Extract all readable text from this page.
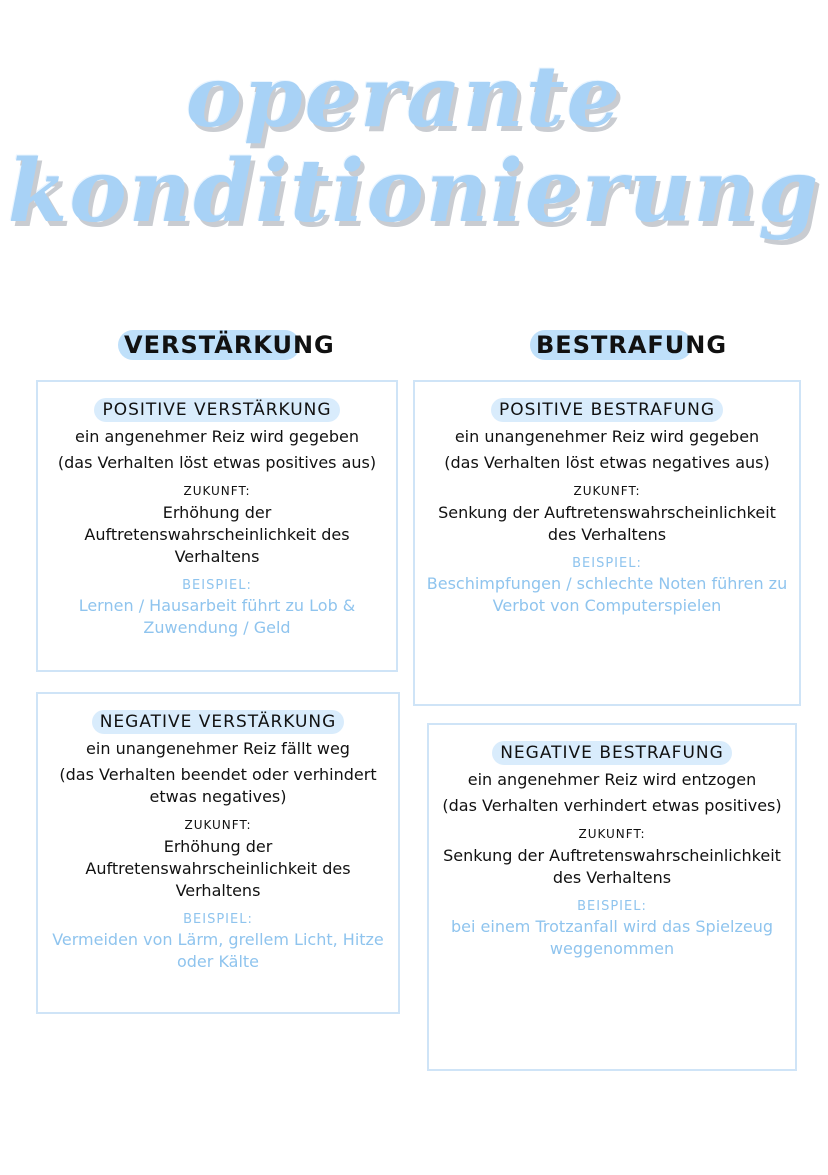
operante
konditionierung
VERSTÄRKUNG	BESTRAFUNG
POSITIVE VERSTÄRKUNG
ein angenehmer Reiz wird gegeben
(das Verhalten löst etwas positives aus)
ZUKUNFT:
Erhöhung der Auftretenswahrscheinlichkeit des Verhaltens
BEISPIEL:
Lernen / Hausarbeit führt zu Lob & Zuwendung / Geld
POSITIVE BESTRAFUNG
ein unangenehmer Reiz wird gegeben
(das Verhalten löst etwas negatives aus)
ZUKUNFT:
Senkung der Auftretenswahrscheinlichkeit des Verhaltens
BEISPIEL:
Beschimpfungen / schlechte Noten führen zu Verbot von Computerspielen
NEGATIVE VERSTÄRKUNG
ein unangenehmer Reiz fällt weg
(das Verhalten beendet oder verhindert etwas negatives)
ZUKUNFT:
Erhöhung der Auftretenswahrscheinlichkeit des Verhaltens
BEISPIEL:
Vermeiden von Lärm, grellem Licht, Hitze oder Kälte
NEGATIVE BESTRAFUNG
ein angenehmer Reiz wird entzogen
(das Verhalten verhindert etwas positives)
ZUKUNFT:
Senkung der Auftretenswahrscheinlichkeit des Verhaltens
BEISPIEL:
bei einem Trotzanfall wird das Spielzeug weggenommen
